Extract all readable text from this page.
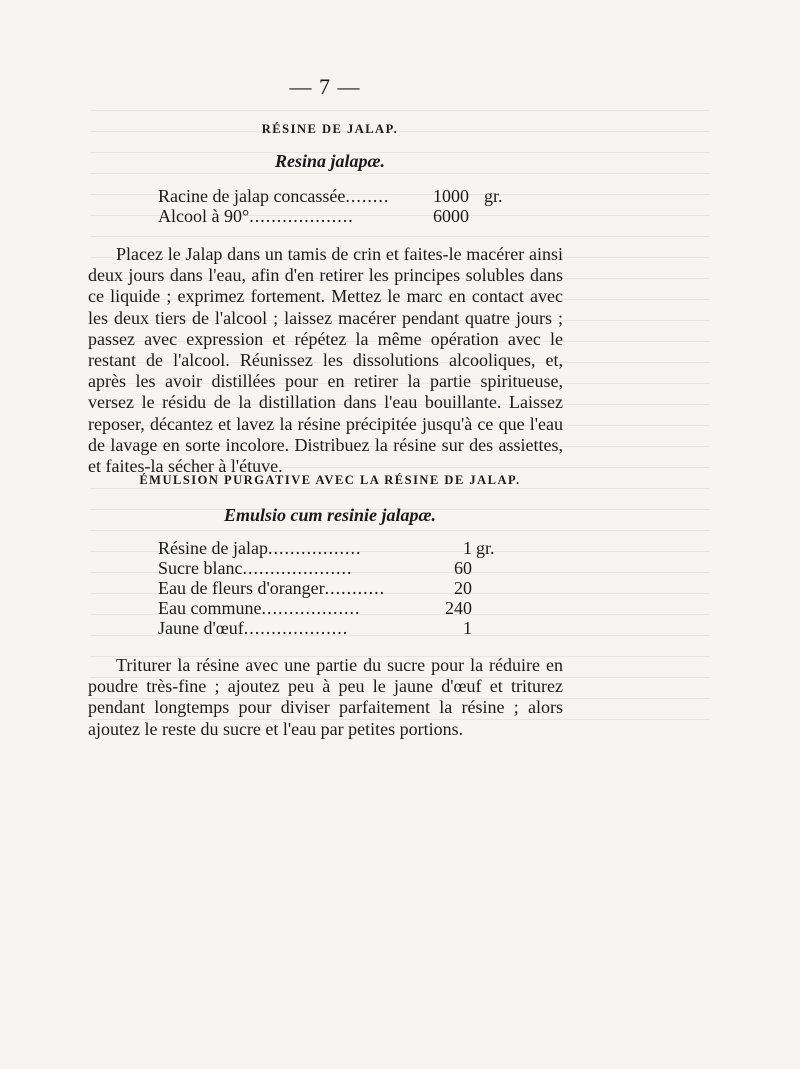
— 7 —
RÉSINE DE JALAP.
Resina jalapæ.
Racine de jalap concassée........ 1000 gr.
Alcool à 90°...................	6000

Placez le Jalap dans un tamis de crin et faites-le macérer ainsi deux jours dans l'eau, afin d'en retirer les principes solubles dans ce liquide ; exprimez fortement. Mettez le marc en contact avec les deux tiers de l'alcool ; laissez macérer pendant quatre jours ; passez avec expression et répétez la même opération avec le restant de l'alcool. Réunissez les dissolutions alcooliques, et, après les avoir distillées pour en retirer la partie spiritueuse, versez le résidu de la distillation dans l'eau bouillante. Laissez reposer, décantez et lavez la résine précipitée jusqu'à ce que l'eau de lavage en sorte incolore. Distribuez la résine sur des assiettes, et faites-la sécher à l'étuve.

ÉMULSION PURGATIVE AVEC LA RÉSINE DE JALAP.
Emulsio cum resinie jalapæ.
Résine de jalap.................	1 gr.
Sucre blanc....................	60
Eau de fleurs d'oranger...........	20
Eau commune..................	240
Jaune d'œuf...................	1

Triturer la résine avec une partie du sucre pour la réduire en poudre très-fine ; ajoutez peu à peu le jaune d'œuf et triturez pendant longtemps pour diviser parfaitement la résine ; alors ajoutez le reste du sucre et l'eau par petites portions.
